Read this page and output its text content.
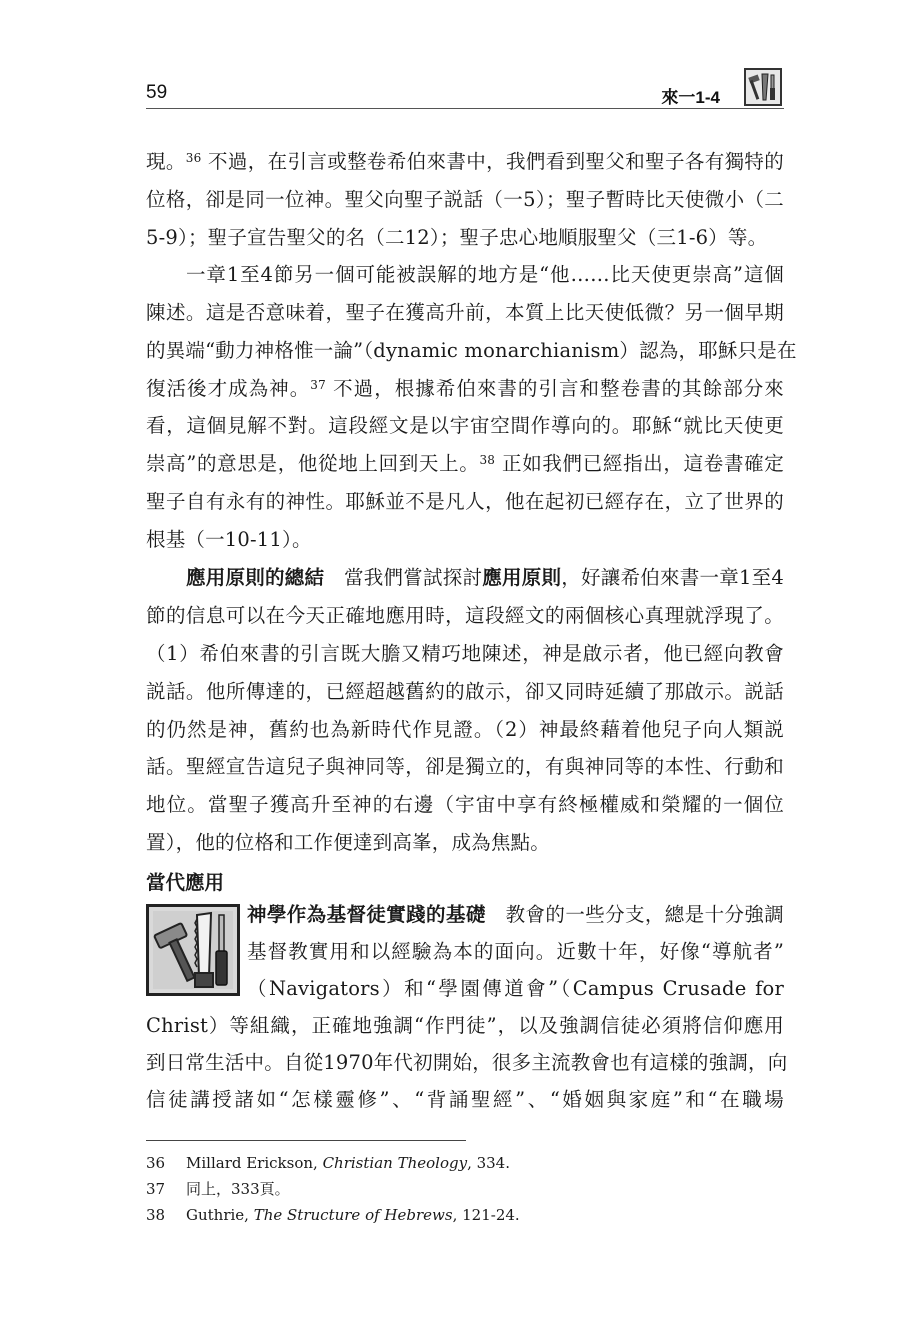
59	來一1-4
現。$^{36}$ 不過，在引言或整卷希伯來書中，我們看到聖父和聖子各有獨特的
位格，卻是同一位神。聖父向聖子説話（一5）；聖子暫時比天使微小（二
5-9）；聖子宣告聖父的名（二12）；聖子忠心地順服聖父（三1-6）等。
一章1至4節另一個可能被誤解的地方是“他……比天使更崇高”這個
陳述。這是否意味着，聖子在獲高升前，本質上比天使低微？另一個早期
的異端“動力神格惟一論”（dynamic monarchianism）認為，耶穌只是在
復活後才成為神。$^{37}$ 不過，根據希伯來書的引言和整卷書的其餘部分來
看，這個見解不對。這段經文是以宇宙空間作導向的。耶穌“就比天使更
崇高”的意思是，他從地上回到天上。$^{38}$ 正如我們已經指出，這卷書確定
聖子自有永有的神性。耶穌並不是凡人，他在起初已經存在，立了世界的
根基（一10-11）。
應用原則的總結　當我們嘗試探討應用原則，好讓希伯來書一章1至4
節的信息可以在今天正確地應用時，這段經文的兩個核心真理就浮現了。
（1）希伯來書的引言既大膽又精巧地陳述，神是啟示者，他已經向教會
説話。他所傳達的，已經超越舊約的啟示，卻又同時延續了那啟示。説話
的仍然是神，舊約也為新時代作見證。（2）神最終藉着他兒子向人類説
話。聖經宣告這兒子與神同等，卻是獨立的，有與神同等的本性、行動和
地位。當聖子獲高升至神的右邊（宇宙中享有終極權威和榮耀的一個位
置），他的位格和工作便達到高峯，成為焦點。
當代應用
神學作為基督徒實踐的基礎　教會的一些分支，總是十分強調
基督教實用和以經驗為本的面向。近數十年，好像“導航者”
（Navigators）和“學園傳道會”（Campus Crusade for
Christ）等組織，正確地強調“作門徒”，以及強調信徒必須將信仰應用
到日常生活中。自從1970年代初開始，很多主流教會也有這樣的強調，向
信徒講授諸如“怎樣靈修”、“背誦聖經”、“婚姻與家庭”和“在職場
36 Millard Erickson, Christian Theology, 334.
37 同上，333頁。
38 Guthrie, The Structure of Hebrews, 121-24.
